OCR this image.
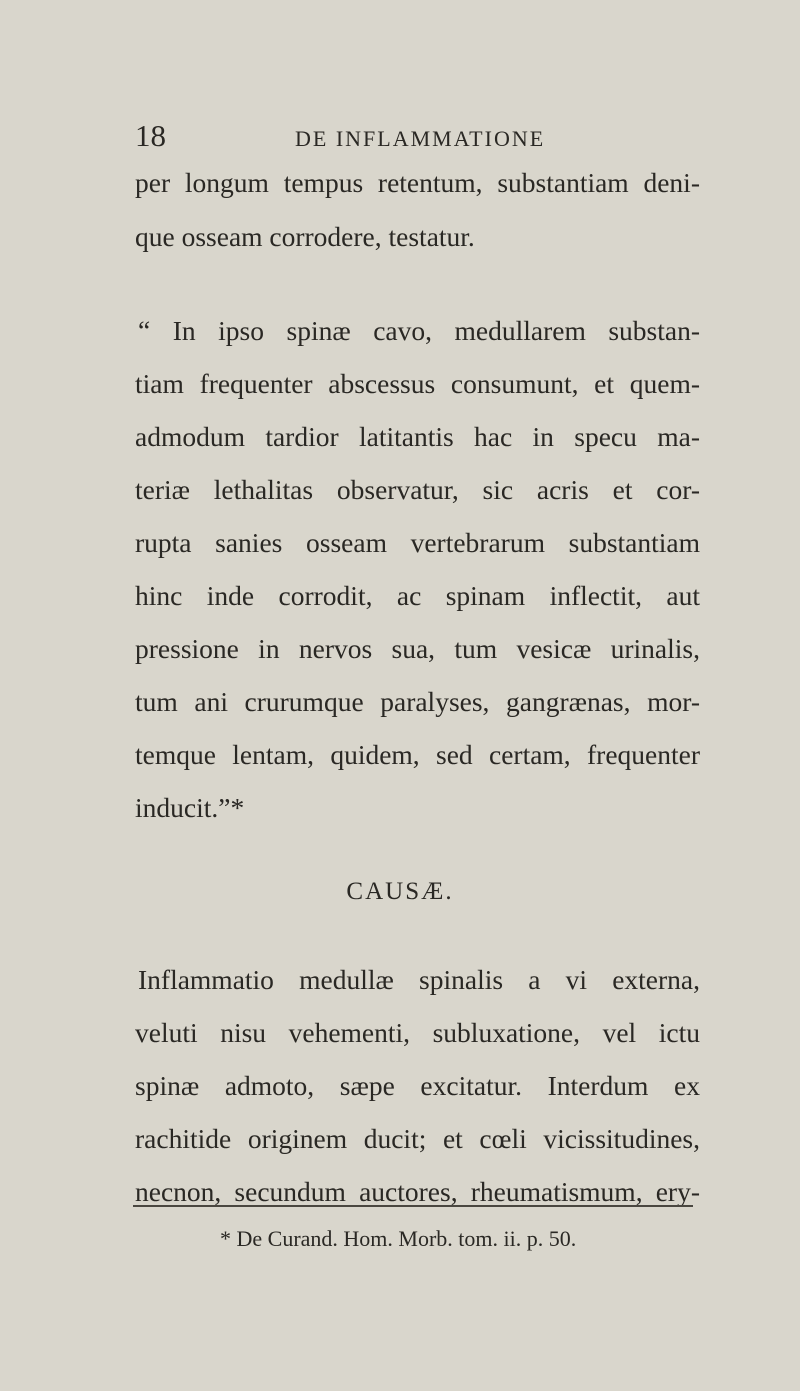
18	DE INFLAMMATIONE
per longum tempus retentum, substantiam deni-
que osseam corrodere, testatur.
“ In ipso spinæ cavo, medullarem substan-
tiam frequenter abscessus consumunt, et quem-
admodum tardior latitantis hac in specu ma-
teriæ lethalitas observatur, sic acris et cor-
rupta sanies osseam vertebrarum substantiam
hinc inde corrodit, ac spinam inflectit, aut
pressione in nervos sua, tum vesicæ urinalis,
tum ani crurumque paralyses, gangrænas, mor-
temque lentam, quidem, sed certam, frequenter
inducit.”*
CAUSÆ.
Inflammatio medullæ spinalis a vi externa,
veluti nisu vehementi, subluxatione, vel ictu
spinæ admoto, sæpe excitatur. Interdum ex
rachitide originem ducit; et cœli vicissitudines,
necnon, secundum auctores, rheumatismum, ery-
* De Curand. Hom. Morb. tom. ii. p. 50.
